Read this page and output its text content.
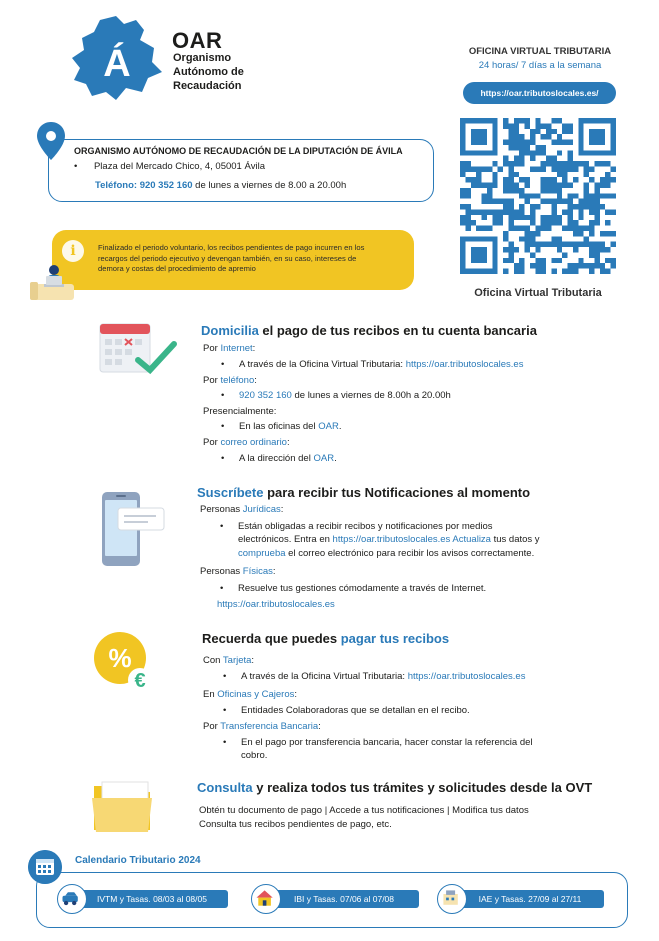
Á
OAR
Organismo
Autónomo de
Recaudación
OFICINA VIRTUAL TRIBUTARIA
24 horas/ 7 días a la semana
https://oar.tributoslocales.es/
ORGANISMO AUTÓNOMO DE RECAUDACIÓN DE LA DIPUTACIÓN DE ÁVILA
• Plaza del Mercado Chico, 4, 05001 Ávila
Teléfono: 920 352 160 de lunes a viernes de 8.00 a 20.00h
Oficina Virtual Tributaria
i	Finalizado el periodo voluntario, los recibos pendientes de pago incurren en los
recargos del periodo ejecutivo y devengan también, en su caso, intereses de
demora y costas del procedimiento de apremio
Domicilia el pago de tus recibos en tu cuenta bancaria
Por Internet:
• A través de la Oficina Virtual Tributaria: https://oar.tributoslocales.es
Por teléfono:
• 920 352 160 de lunes a viernes de 8.00h a 20.00h
Presencialmente:
• En las oficinas del OAR.
Por correo ordinario:
• A la dirección del OAR.
Suscríbete para recibir tus Notificaciones al momento
Personas Jurídicas:
• Están obligadas a recibir recibos y notificaciones por medios
electrónicos. Entra en https://oar.tributoslocales.es Actualiza tus datos y
comprueba el correo electrónico para recibir los avisos correctamente.
Personas Físicas:
• Resuelve tus gestiones cómodamente a través de Internet.
https://oar.tributoslocales.es
%
€
Recuerda que puedes pagar tus recibos
Con Tarjeta:
• A través de la Oficina Virtual Tributaria: https://oar.tributoslocales.es
En Oficinas y Cajeros:
• Entidades Colaboradoras que se detallan en el recibo.
Por Transferencia Bancaria:
• En el pago por transferencia bancaria, hacer constar la referencia del
cobro.
Consulta y realiza todos tus trámites y solicitudes desde la OVT
Obtén tu documento de pago | Accede a tus notificaciones | Modifica tus datos
Consulta tus recibos pendientes de pago, etc.
Calendario Tributario 2024
IVTM y Tasas. 08/03 al 08/05	IBI y Tasas. 07/06 al 07/08	IAE y Tasas. 27/09 al 27/11
